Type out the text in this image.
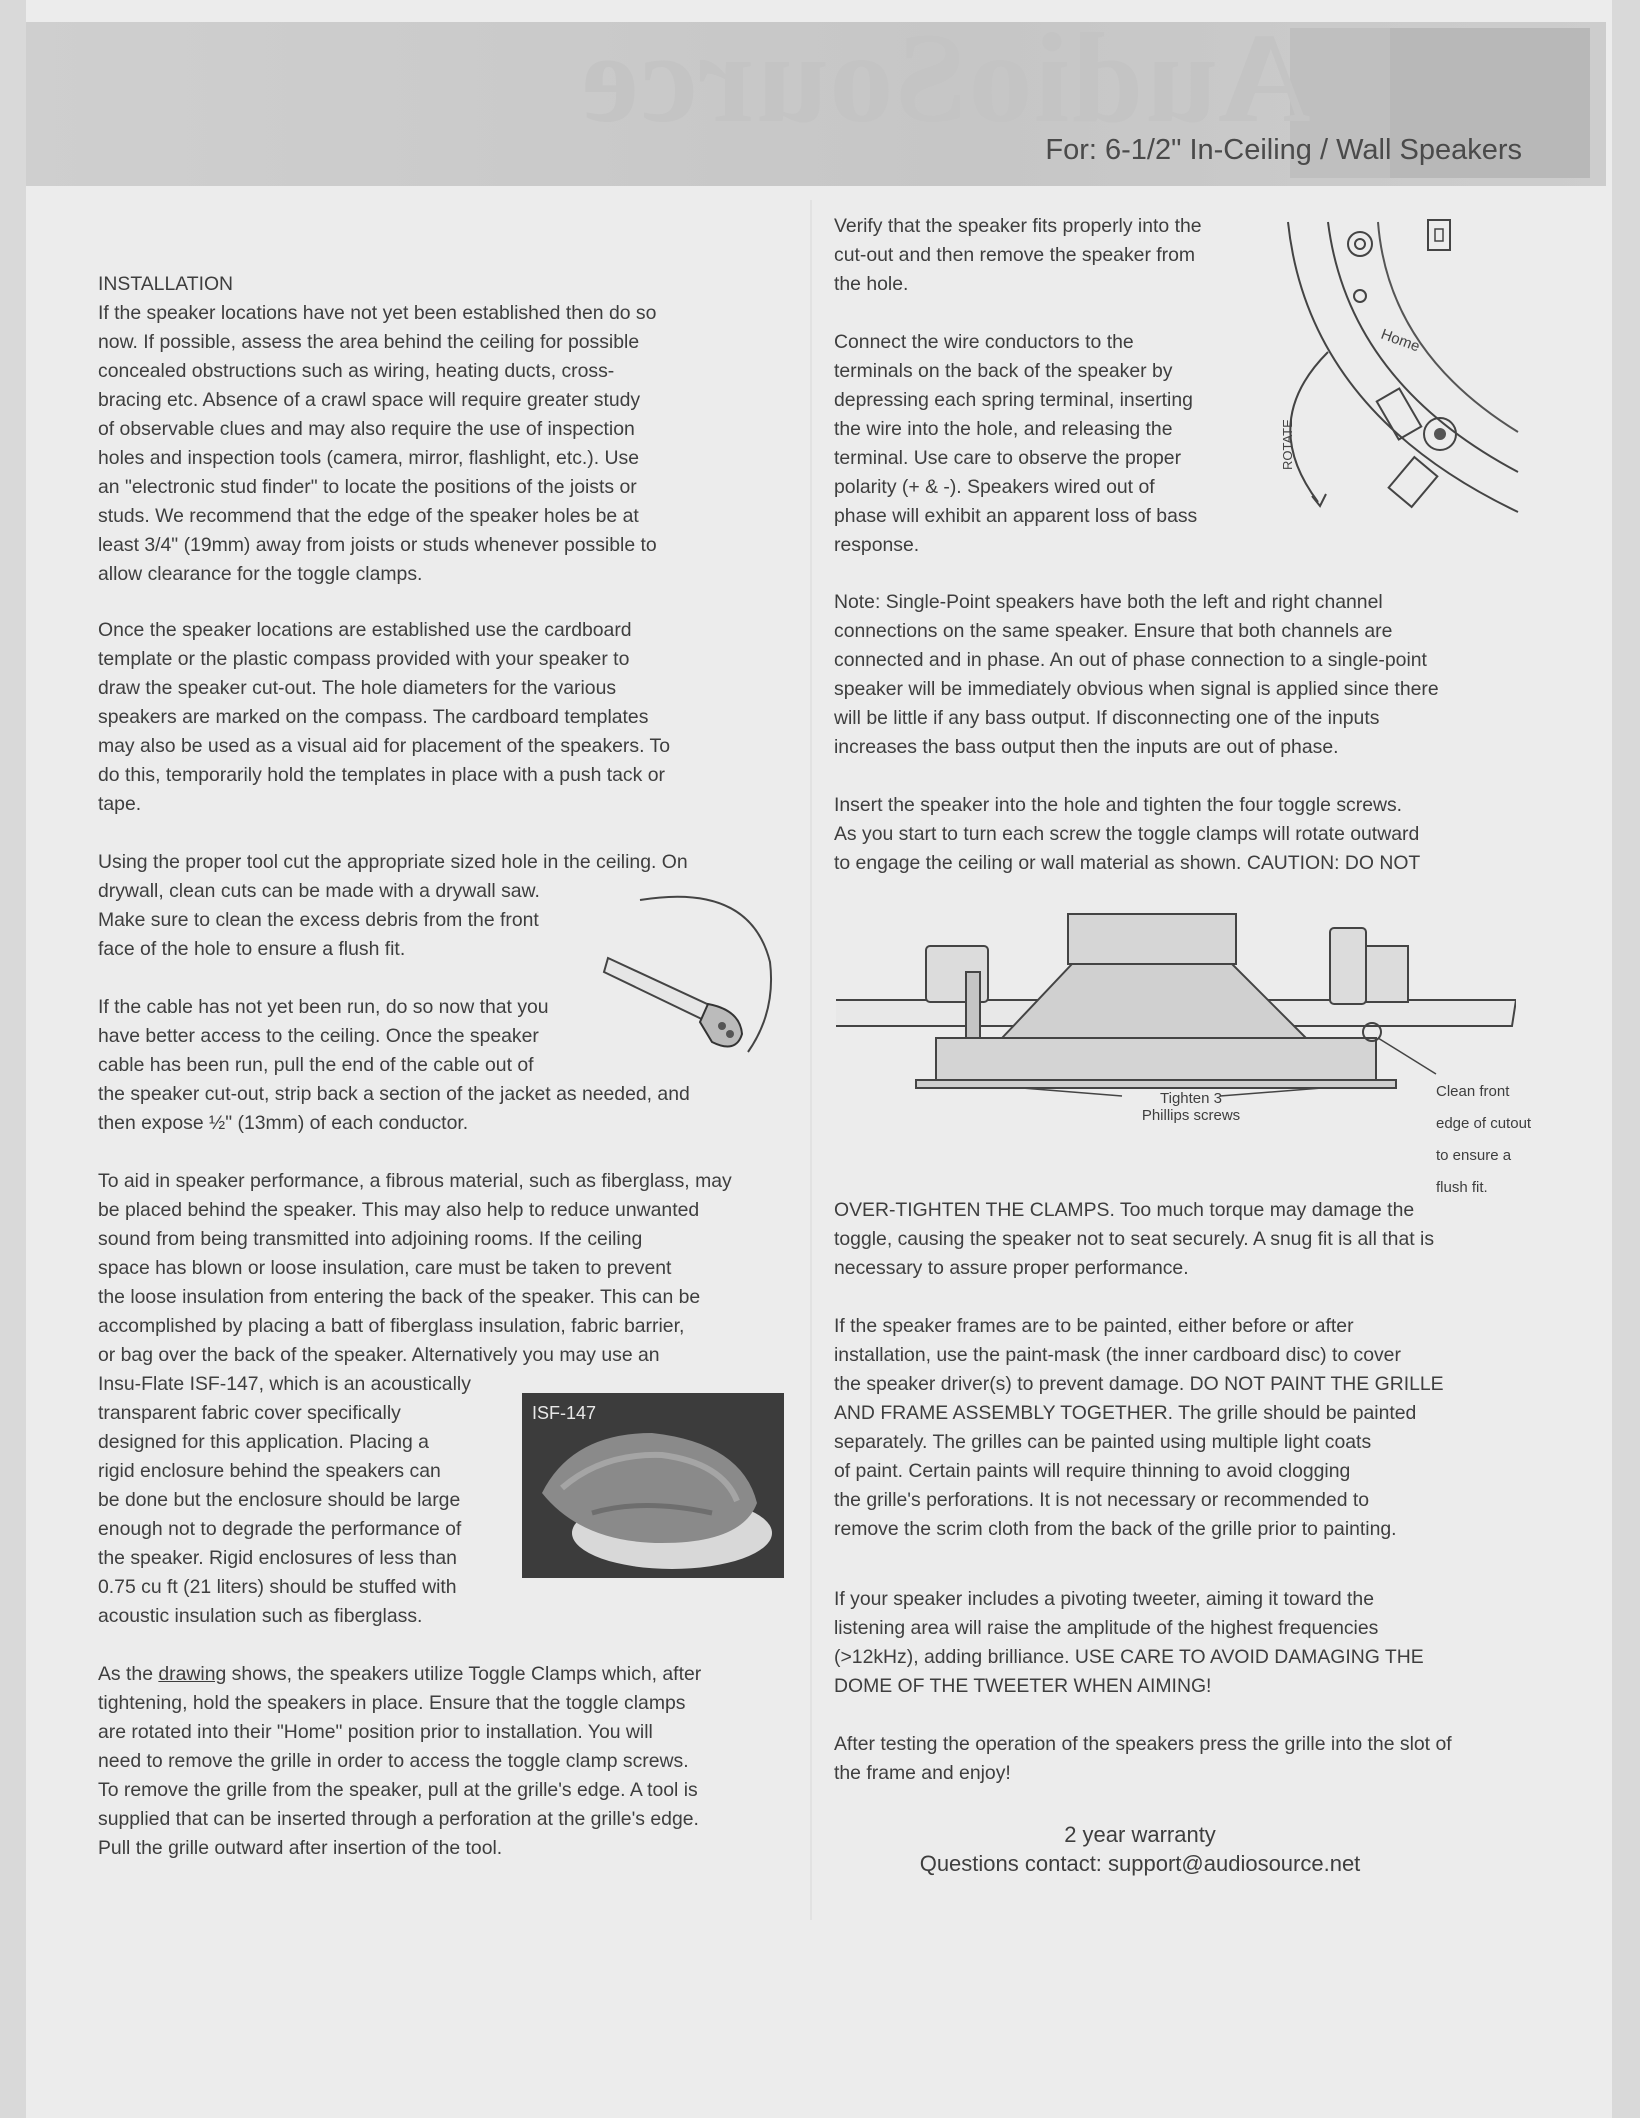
AudioSource
For: 6-1/2" In-Ceiling / Wall Speakers
INSTALLATION

If the speaker locations have not yet been established then do so

now. If possible, assess the area behind the ceiling for possible

concealed obstructions such as wiring, heating ducts, cross-

bracing etc. Absence of a crawl space will require greater study

of observable clues and may also require the use of inspection

holes and inspection tools (camera, mirror, flashlight, etc.). Use

an "electronic stud finder" to locate the positions of the joists or

studs. We recommend that the edge of the speaker holes be at

least 3/4" (19mm) away from joists or studs whenever possible to

allow clearance for the toggle clamps.

Once the speaker locations are established use the cardboard

template or the plastic compass provided with your speaker to

draw the speaker cut-out. The hole diameters for the various

speakers are marked on the compass. The cardboard templates

may also be used as a visual aid for placement of the speakers. To

do this, temporarily hold the templates in place with a push tack or

tape.

Using the proper tool cut the appropriate sized hole in the ceiling. On

drywall, clean cuts can be made with a drywall saw.

Make sure to clean the excess debris from the front

face of the hole to ensure a flush fit.

If the cable has not yet been run, do so now that you

have better access to the ceiling. Once the speaker

cable has been run, pull the end of the cable out of

the speaker cut-out, strip back a section of the jacket as needed, and

then expose ½" (13mm) of each conductor.

To aid in speaker performance, a fibrous material, such as fiberglass, may

be placed behind the speaker. This may also help to reduce unwanted

sound from being transmitted into adjoining rooms. If the ceiling

space has blown or loose insulation, care must be taken to prevent

the loose insulation from entering the back of the speaker. This can be

accomplished by placing a batt of fiberglass insulation, fabric barrier,

or bag over the back of the speaker. Alternatively you may use an

Insu-Flate ISF-147, which is an acoustically

transparent fabric cover specifically

designed for this application. Placing a

rigid enclosure behind the speakers can

be done but the enclosure should be large

enough not to degrade the performance of

the speaker. Rigid enclosures of less than

0.75 cu ft (21 liters) should be stuffed with

acoustic insulation such as fiberglass.

ISF-147

As the drawing shows, the speakers utilize Toggle Clamps which, after

tightening, hold the speakers in place. Ensure that the toggle clamps

are rotated into their "Home" position prior to installation. You will

need to remove the grille in order to access the toggle clamp screws.

To remove the grille from the speaker, pull at the grille's edge. A tool is

supplied that can be inserted through a perforation at the grille's edge.

Pull the grille outward after insertion of the tool.

Verify that the speaker fits properly into the

cut-out and then remove the speaker from

the hole.

Connect the wire conductors to the

terminals on the back of the speaker by

depressing each spring terminal, inserting

the wire into the hole, and releasing the

terminal. Use care to observe the proper

polarity (+ & -). Speakers wired out of

phase will exhibit an apparent loss of bass

response.

Home
ROTATE

Note: Single-Point speakers have both the left and right channel

connections on the same speaker. Ensure that both channels are

connected and in phase. An out of phase connection to a single-point

speaker will be immediately obvious when signal is applied since there

will be little if any bass output. If disconnecting one of the inputs

increases the bass output then the inputs are out of phase.

Insert the speaker into the hole and tighten the four toggle screws.

As you start to turn each screw the toggle clamps will rotate outward

to engage the ceiling or wall material as shown. CAUTION: DO NOT

Tighten 3
Phillips screws

Clean front

edge of cutout

to ensure a

flush fit.

OVER-TIGHTEN THE CLAMPS. Too much torque may damage the

toggle, causing the speaker not to seat securely. A snug fit is all that is

necessary to assure proper performance.

If the speaker frames are to be painted, either before or after

installation, use the paint-mask (the inner cardboard disc) to cover

the speaker driver(s) to prevent damage. DO NOT PAINT THE GRILLE

AND FRAME ASSEMBLY TOGETHER. The grille should be painted

separately. The grilles can be painted using multiple light coats

of paint. Certain paints will require thinning to avoid clogging

the grille's perforations. It is not necessary or recommended to

remove the scrim cloth from the back of the grille prior to painting.

If your speaker includes a pivoting tweeter, aiming it toward the

listening area will raise the amplitude of the highest frequencies

(>12kHz), adding brilliance. USE CARE TO AVOID DAMAGING THE

DOME OF THE TWEETER WHEN AIMING!

After testing the operation of the speakers press the grille into the slot of

the frame and enjoy!

2 year warranty
Questions contact: support@audiosource.net
